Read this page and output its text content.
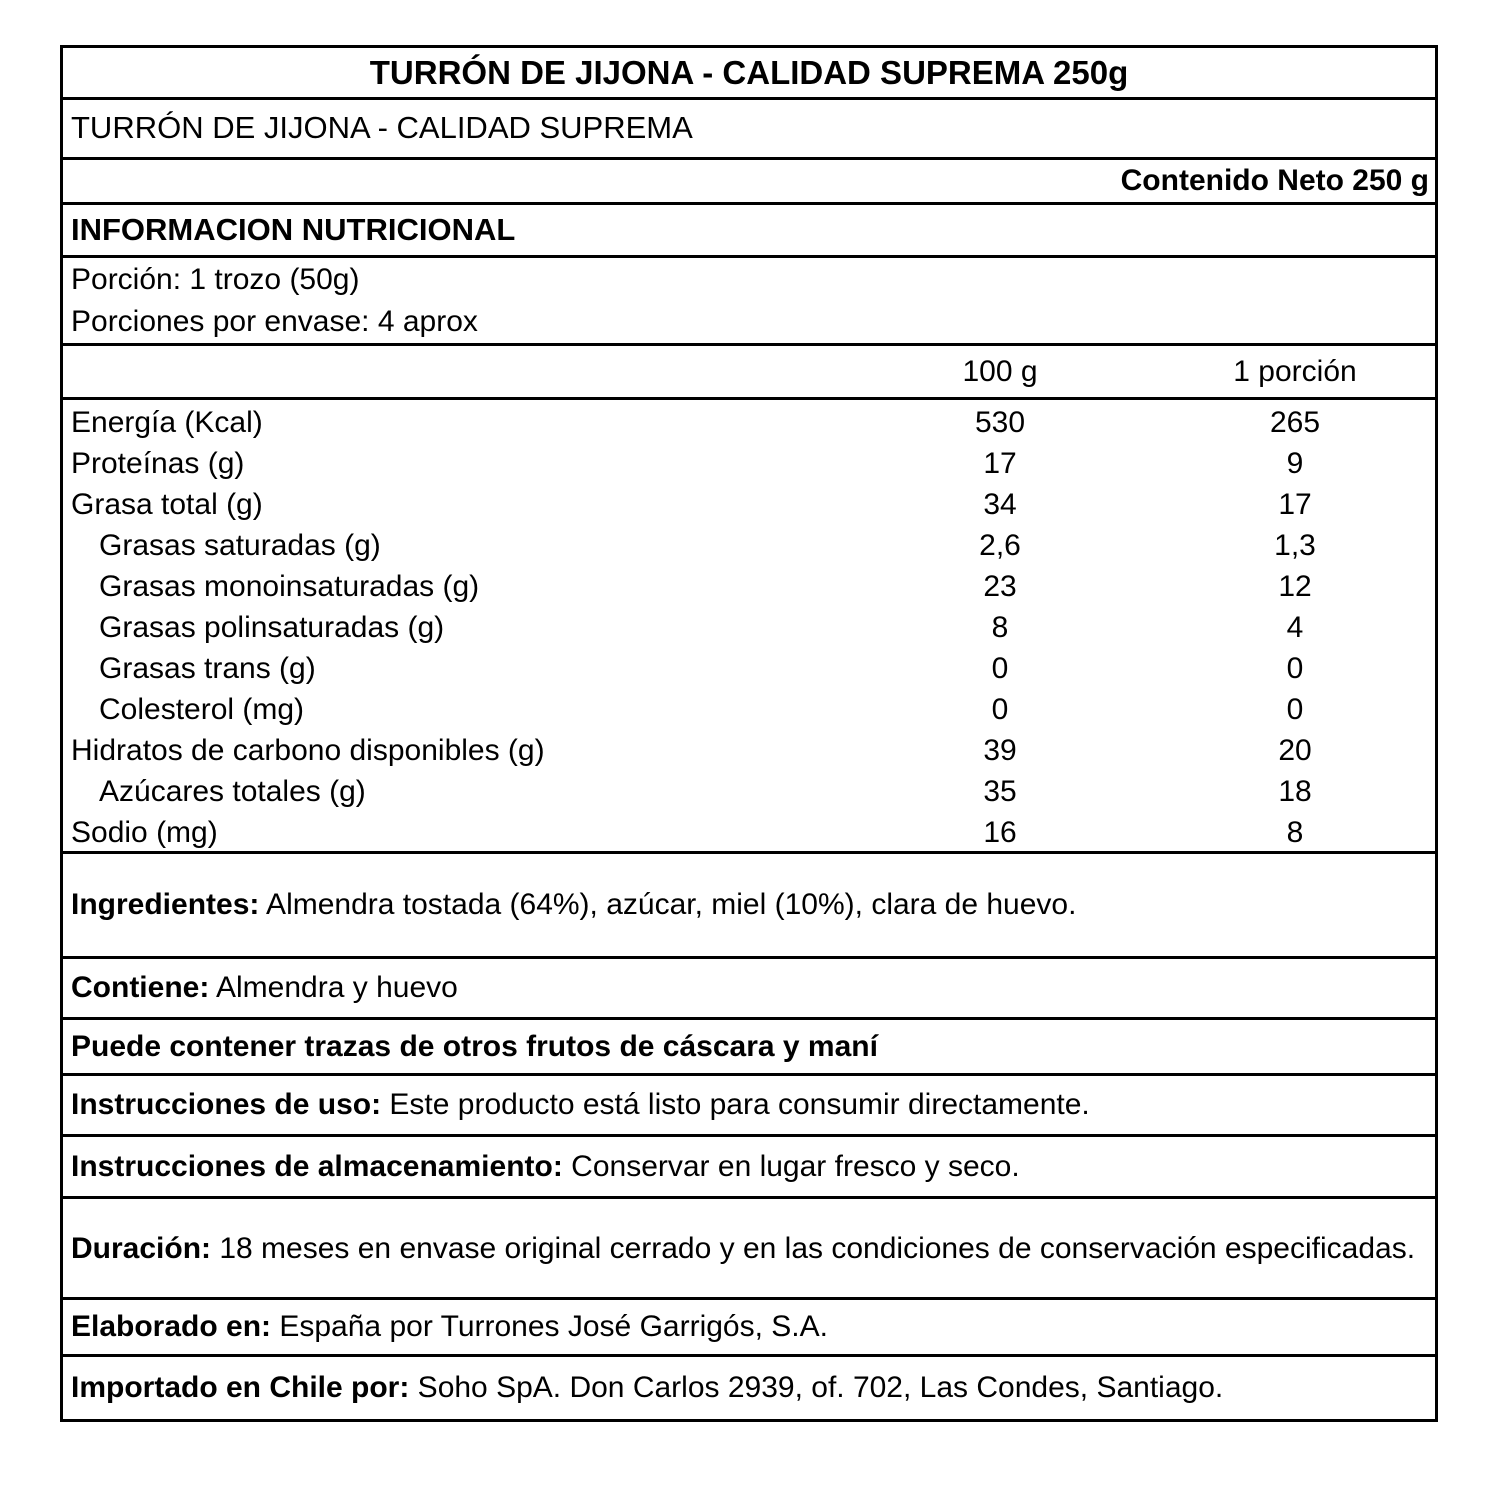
TURRÓN DE JIJONA - CALIDAD SUPREMA 250g
TURRÓN DE JIJONA - CALIDAD SUPREMA
Contenido Neto 250 g
INFORMACION NUTRICIONAL
Porción: 1 trozo (50g)
Porciones por envase: 4 aprox
100 g	1 porción
Energía (Kcal)	530	265
Proteínas (g)	17	9
Grasa total (g)	34	17
Grasas saturadas (g)	2,6	1,3
Grasas monoinsaturadas (g)	23	12
Grasas polinsaturadas (g)	8	4
Grasas trans (g)	0	0
Colesterol (mg)	0	0
Hidratos de carbono disponibles (g)	39	20
Azúcares totales (g)	35	18
Sodio (mg)	16	8
Ingredientes: Almendra tostada (64%), azúcar, miel (10%), clara de huevo.
Contiene: Almendra y huevo
Puede contener trazas de otros frutos de cáscara y maní
Instrucciones de uso: Este producto está listo para consumir directamente.
Instrucciones de almacenamiento: Conservar en lugar fresco y seco.
Duración: 18 meses en envase original cerrado y en las condiciones de conservación especificadas.
Elaborado en: España por Turrones José Garrigós, S.A.
Importado en Chile por: Soho SpA. Don Carlos 2939, of. 702, Las Condes, Santiago.
